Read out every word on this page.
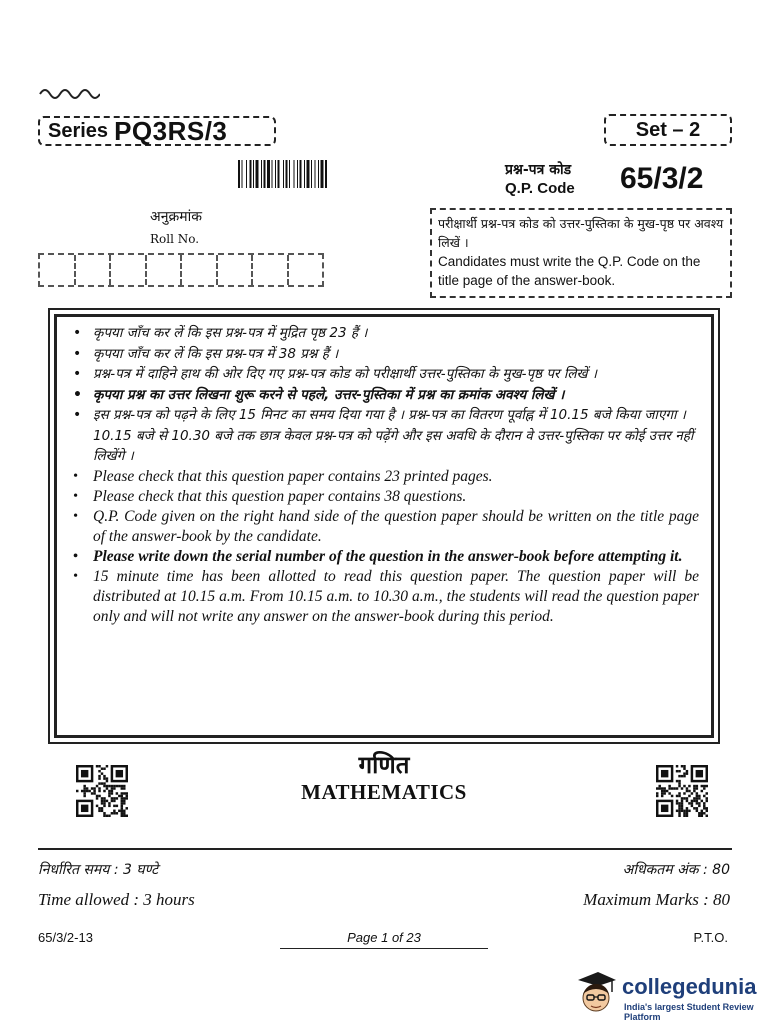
Series PQ3RS/3	Set – 2
प्रश्न-पत्र कोड
Q.P. Code 65/3/2
अनुक्रमांक
Roll No.
परीक्षार्थी प्रश्न-पत्र कोड को उत्तर-पुस्तिका के मुख-पृष्ठ पर अवश्य लिखें ।
Candidates must write the Q.P. Code on the title page of the answer-book.
• कृपया जाँच कर लें कि इस प्रश्न-पत्र में मुद्रित पृष्ठ 23 हैं ।
• कृपया जाँच कर लें कि इस प्रश्न-पत्र में 38 प्रश्न हैं ।
• प्रश्न-पत्र में दाहिने हाथ की ओर दिए गए प्रश्न-पत्र कोड को परीक्षार्थी उत्तर-पुस्तिका के मुख-पृष्ठ पर लिखें ।
• कृपया प्रश्न का उत्तर लिखना शुरू करने से पहले, उत्तर-पुस्तिका में प्रश्न का क्रमांक अवश्य लिखें ।
• इस प्रश्न-पत्र को पढ़ने के लिए 15 मिनट का समय दिया गया है । प्रश्न-पत्र का वितरण पूर्वाह्न में 10.15 बजे किया जाएगा । 10.15 बजे से 10.30 बजे तक छात्र केवल प्रश्न-पत्र को पढ़ेंगे और इस अवधि के दौरान वे उत्तर-पुस्तिका पर कोई उत्तर नहीं लिखेंगे ।
• Please check that this question paper contains 23 printed pages.
• Please check that this question paper contains 38 questions.
• Q.P. Code given on the right hand side of the question paper should be written on the title page of the answer-book by the candidate.
• Please write down the serial number of the question in the answer-book before attempting it.
• 15 minute time has been allotted to read this question paper. The question paper will be distributed at 10.15 a.m. From 10.15 a.m. to 10.30 a.m., the students will read the question paper only and will not write any answer on the answer-book during this period.
गणित
MATHEMATICS
निर्धारित समय : 3 घण्टे
Time allowed : 3 hours
अधिकतम अंक : 80
Maximum Marks : 80
65/3/2-13	Page 1 of 23	P.T.O.
collegedunia
India's largest Student Review Platform
